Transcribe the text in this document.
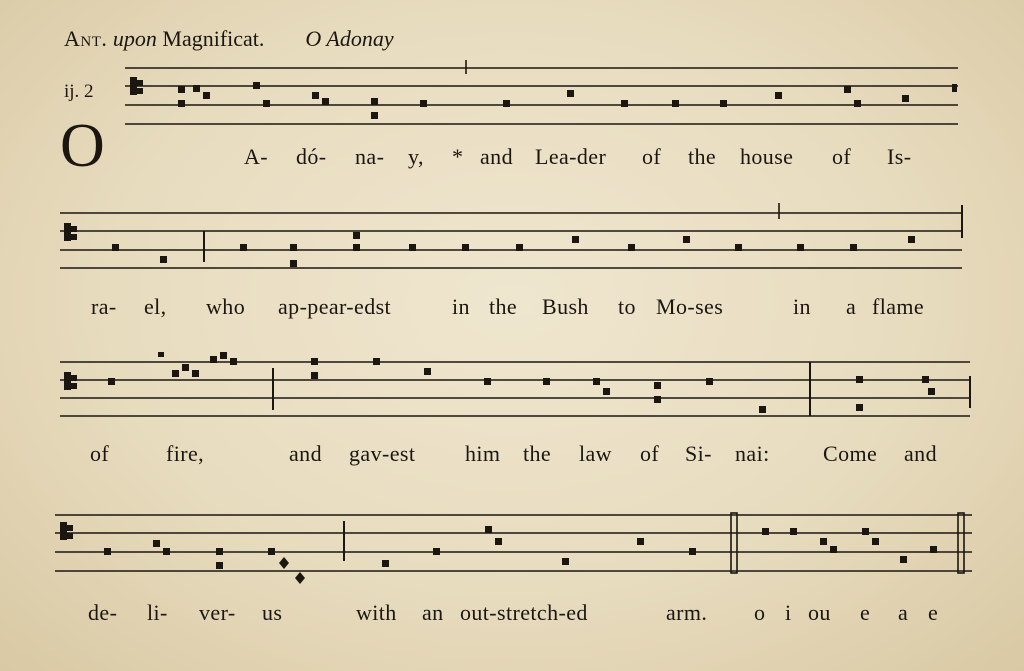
Ant. upon Magnificat. O Adonay
ij. 2
O	A- dó- na- y, * and Lea-der of the house of Is-
ra- el, who ap-pear-edst	in the Bush to Mo-ses	in a flame
of	fire,	and gav-est him the law of Si- nai: Come and
de- li- ver- us	with an out-stretch-ed	arm. o i ou e a e
